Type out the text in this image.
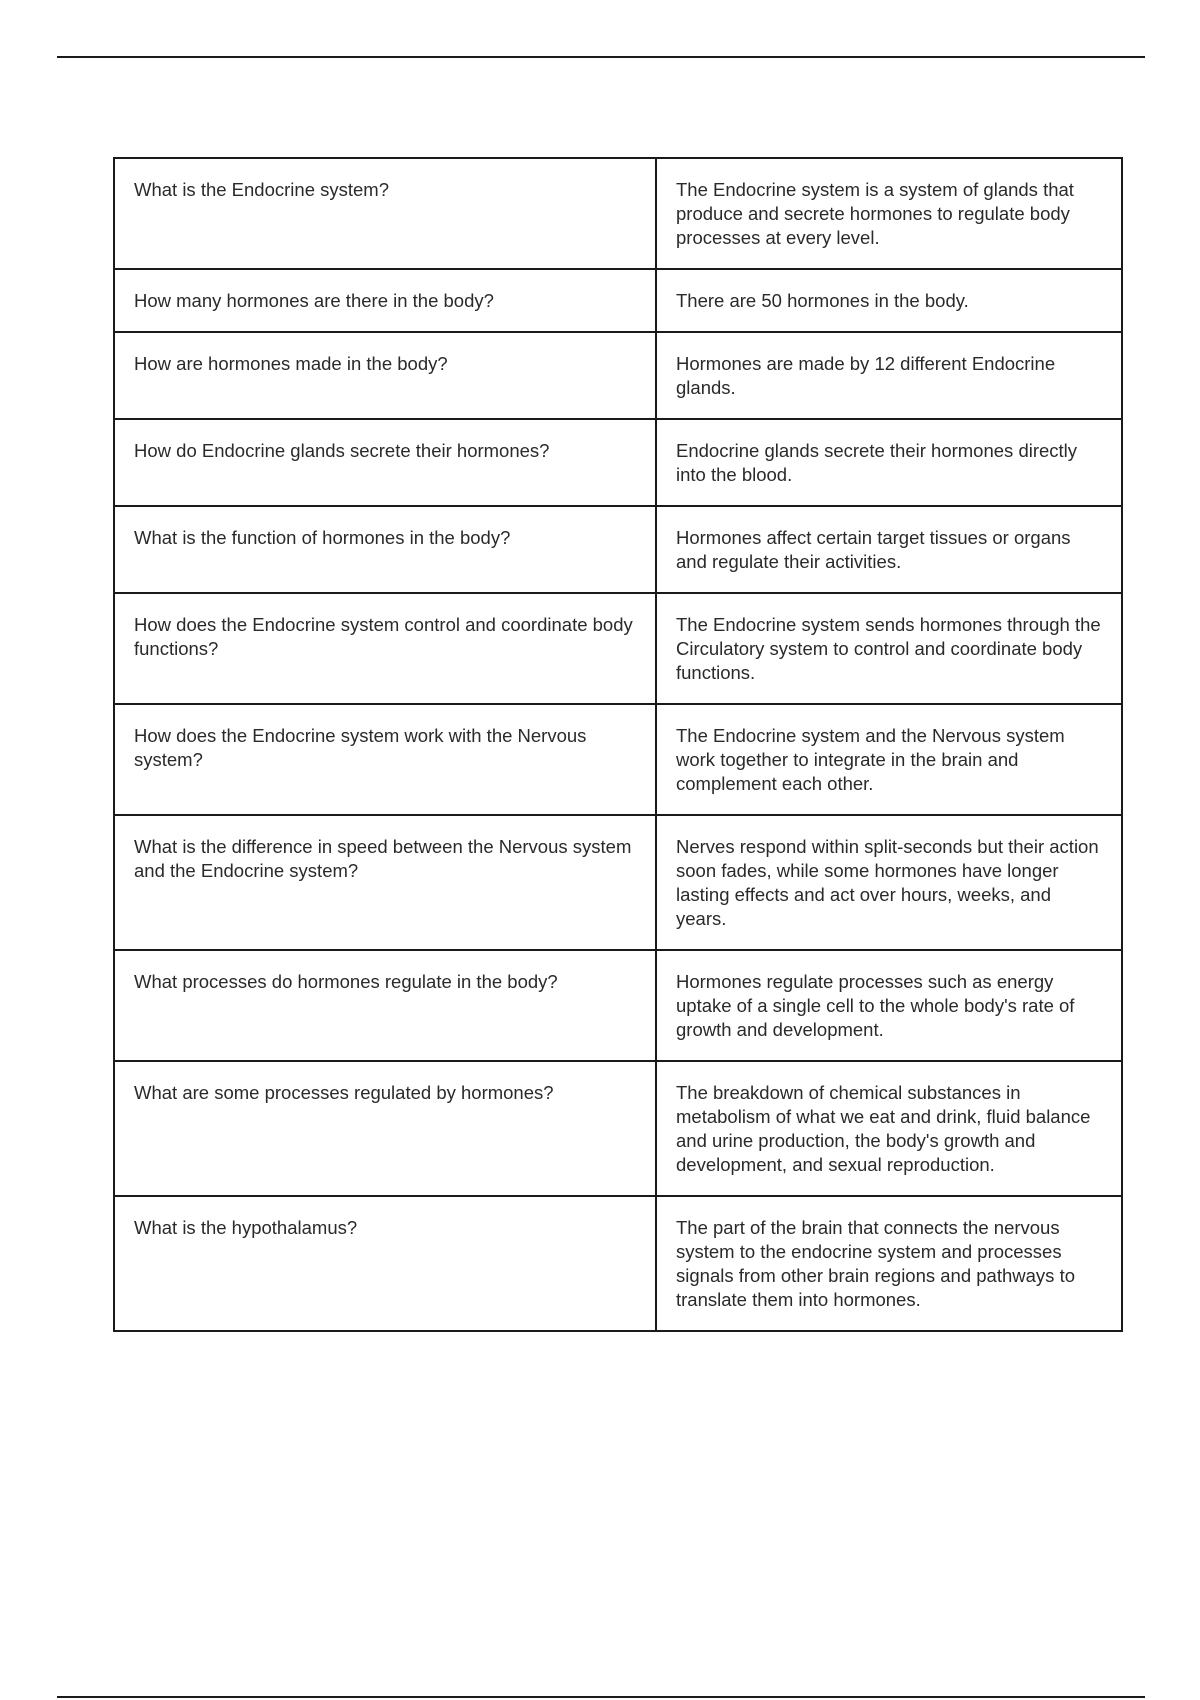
What is the Endocrine system?	The Endocrine system is a system of glands that produce and secrete hormones to regulate body processes at every level.
How many hormones are there in the body?	There are 50 hormones in the body.
How are hormones made in the body?	Hormones are made by 12 different Endocrine glands.
How do Endocrine glands secrete their hormones?	Endocrine glands secrete their hormones directly into the blood.
What is the function of hormones in the body?	Hormones affect certain target tissues or organs and regulate their activities.
How does the Endocrine system control and coordinate body functions?	The Endocrine system sends hormones through the Circulatory system to control and coordinate body functions.
How does the Endocrine system work with the Nervous system?	The Endocrine system and the Nervous system work together to integrate in the brain and complement each other.
What is the difference in speed between the Nervous system and the Endocrine system?	Nerves respond within split-seconds but their action soon fades, while some hormones have longer lasting effects and act over hours, weeks, and years.
What processes do hormones regulate in the body?	Hormones regulate processes such as energy uptake of a single cell to the whole body's rate of growth and development.
What are some processes regulated by hormones?	The breakdown of chemical substances in metabolism of what we eat and drink, fluid balance and urine production, the body's growth and development, and sexual reproduction.
What is the hypothalamus?	The part of the brain that connects the nervous system to the endocrine system and processes signals from other brain regions and pathways to translate them into hormones.
